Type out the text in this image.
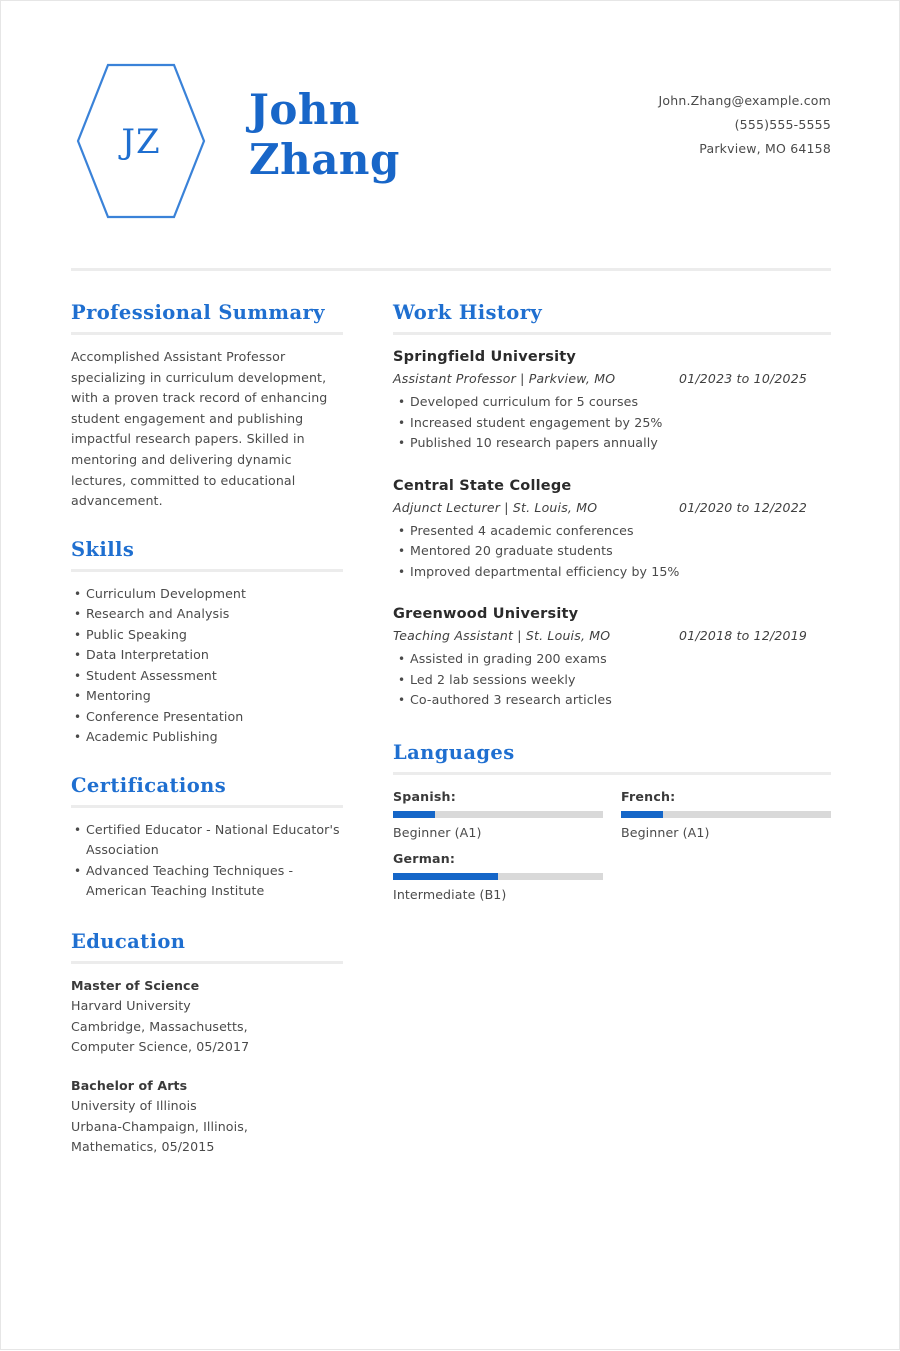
JZ
John
Zhang
John.Zhang@example.com
(555)555-5555
Parkview, MO 64158
Professional Summary
Accomplished Assistant Professor specializing in curriculum development, with a proven track record of enhancing student engagement and publishing impactful research papers. Skilled in mentoring and delivering dynamic lectures, committed to educational advancement.
Skills
• Curriculum Development
• Research and Analysis
• Public Speaking
• Data Interpretation
• Student Assessment
• Mentoring
• Conference Presentation
• Academic Publishing
Certifications
• Certified Educator - National Educator's Association
• Advanced Teaching Techniques - American Teaching Institute
Education
Master of Science
Harvard University
Cambridge, Massachusetts,
Computer Science, 05/2017
Bachelor of Arts
University of Illinois
Urbana-Champaign, Illinois,
Mathematics, 05/2015
Work History
Springfield University
Assistant Professor | Parkview, MO	01/2023 to 10/2025
• Developed curriculum for 5 courses
• Increased student engagement by 25%
• Published 10 research papers annually
Central State College
Adjunct Lecturer | St. Louis, MO	01/2020 to 12/2022
• Presented 4 academic conferences
• Mentored 20 graduate students
• Improved departmental efficiency by 15%
Greenwood University
Teaching Assistant | St. Louis, MO	01/2018 to 12/2019
• Assisted in grading 200 exams
• Led 2 lab sessions weekly
• Co-authored 3 research articles
Languages
Spanish:
Beginner (A1)
French:
Beginner (A1)
German:
Intermediate (B1)
